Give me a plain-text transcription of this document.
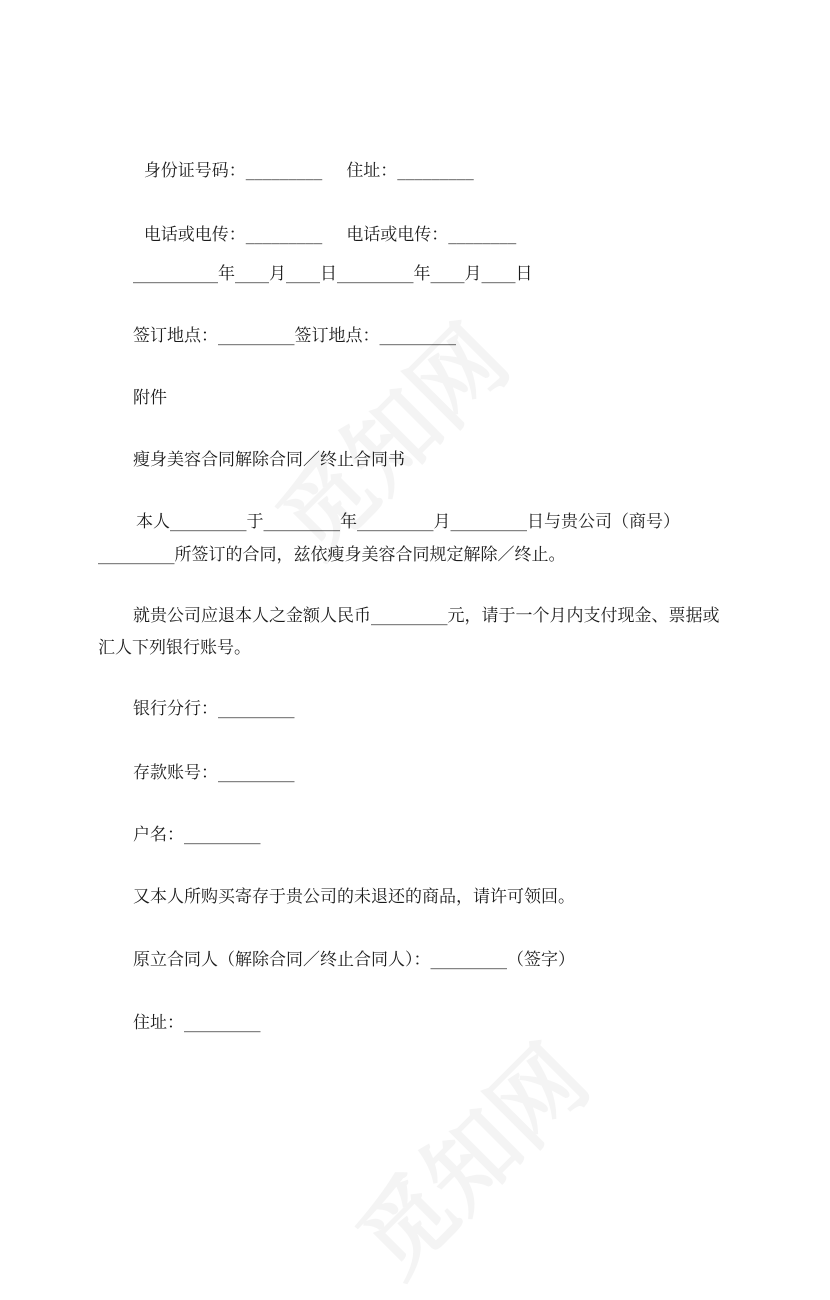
身份证号码：_________ 住址：_________

电话或电传：_________ 电话或电传：________

__________年____月____日_________年____月____日
签订地点：_________签订地点：_________
附件
瘦身美容合同解除合同／终止合同书
本人_________于_________年_________月_________日与贵公司（商号）
_________所签订的合同，兹依瘦身美容合同规定解除／终止。
就贵公司应退本人之金额人民币_________元，请于一个月内支付现金、票据或
汇人下列银行账号。
银行分行：_________
存款账号：_________
户名：_________
又本人所购买寄存于贵公司的未退还的商品，请许可领回。
原立合同人（解除合同／终止合同人）：_________（签字）
住址：_________
